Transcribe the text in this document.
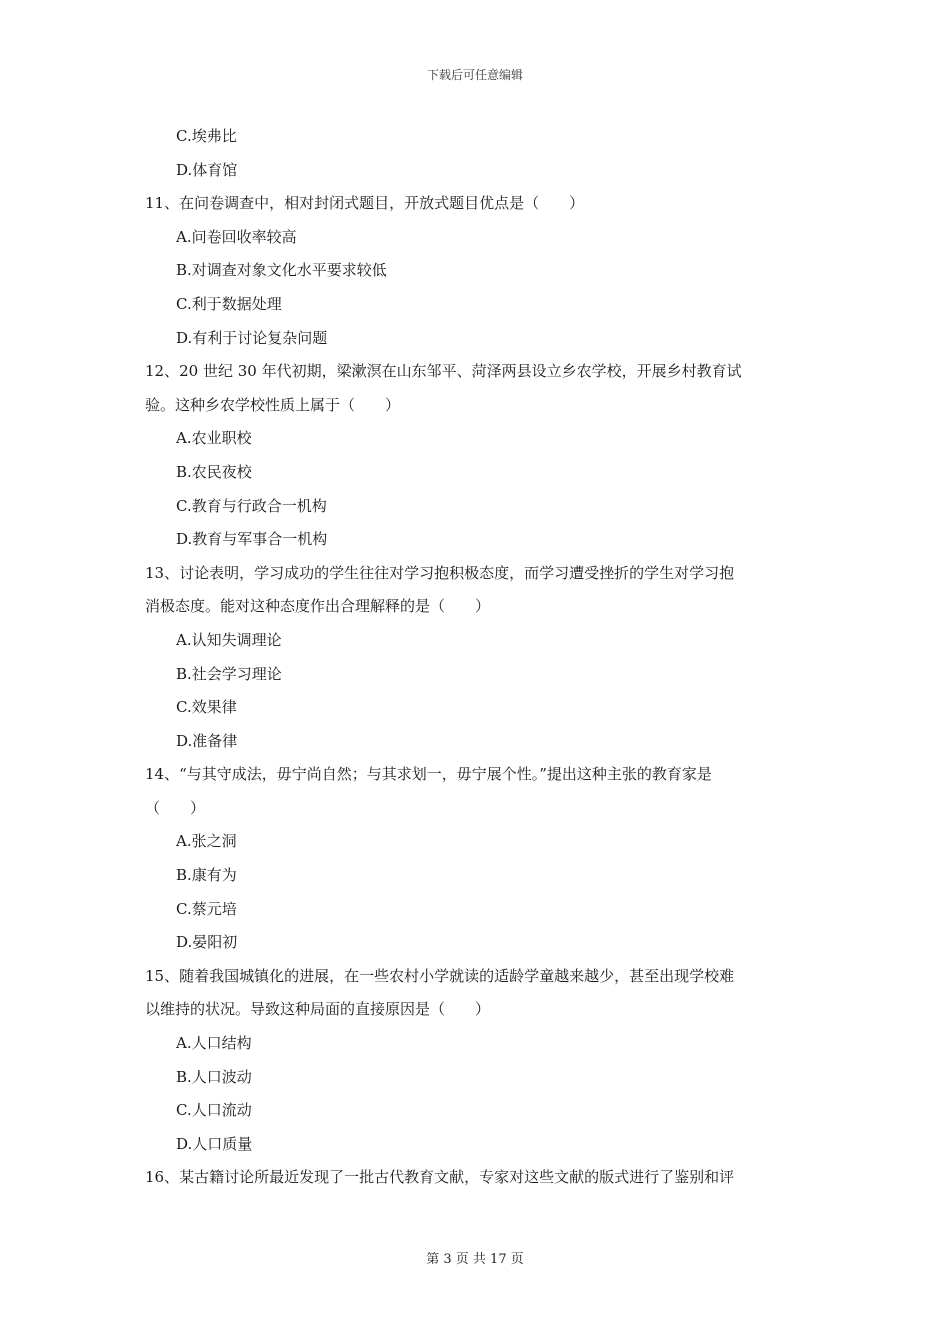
下载后可任意编辑
C.埃弗比
D.体育馆
11、在问卷调查中，相对封闭式题目，开放式题目优点是（　　）
A.问卷回收率较高
B.对调查对象文化水平要求较低
C.利于数据处理
D.有利于讨论复杂问题
12、20 世纪 30 年代初期，梁漱溟在山东邹平、菏泽两县设立乡农学校，开展乡村教育试
验。这种乡农学校性质上属于（　　）
A.农业职校
B.农民夜校
C.教育与行政合一机构
D.教育与军事合一机构
13、讨论表明，学习成功的学生往往对学习抱积极态度，而学习遭受挫折的学生对学习抱
消极态度。能对这种态度作出合理解释的是（　　）
A.认知失调理论
B.社会学习理论
C.效果律
D.准备律
14、“与其守成法，毋宁尚自然；与其求划一，毋宁展个性。”提出这种主张的教育家是
（　　）
A.张之洞
B.康有为
C.蔡元培
D.晏阳初
15、随着我国城镇化的进展，在一些农村小学就读的适龄学童越来越少，甚至出现学校难
以维持的状况。导致这种局面的直接原因是（　　）
A.人口结构
B.人口波动
C.人口流动
D.人口质量
16、某古籍讨论所最近发现了一批古代教育文献，专家对这些文献的版式进行了鉴别和评
第 3 页 共 17 页
